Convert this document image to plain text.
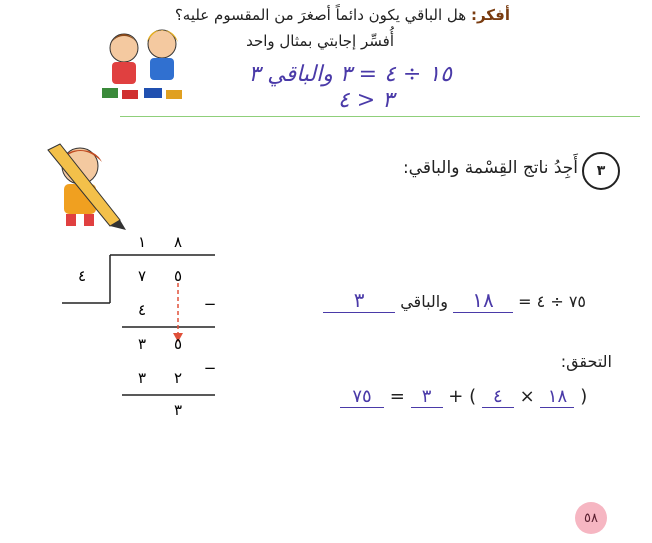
أفكر: هل الباقي يكون دائماً أصغرَ من المقسوم عليه؟
أُفسِّر إجابتي بمثال واحد
١٥ ÷ ٤ = ٣ والباقي ٣
٣ < ٤
٣
أَجِدُ ناتج القِسْمة والباقي:
٧٥ ÷ ٤ = ١٨ والباقي ٣
التحقق:
٧٥ = ٣ + ( ٤ × ١٨ )
١ ٨
٤	٧ ٥
٤	−
٣ ٥
٣ ٢
−
٣
٥٨
